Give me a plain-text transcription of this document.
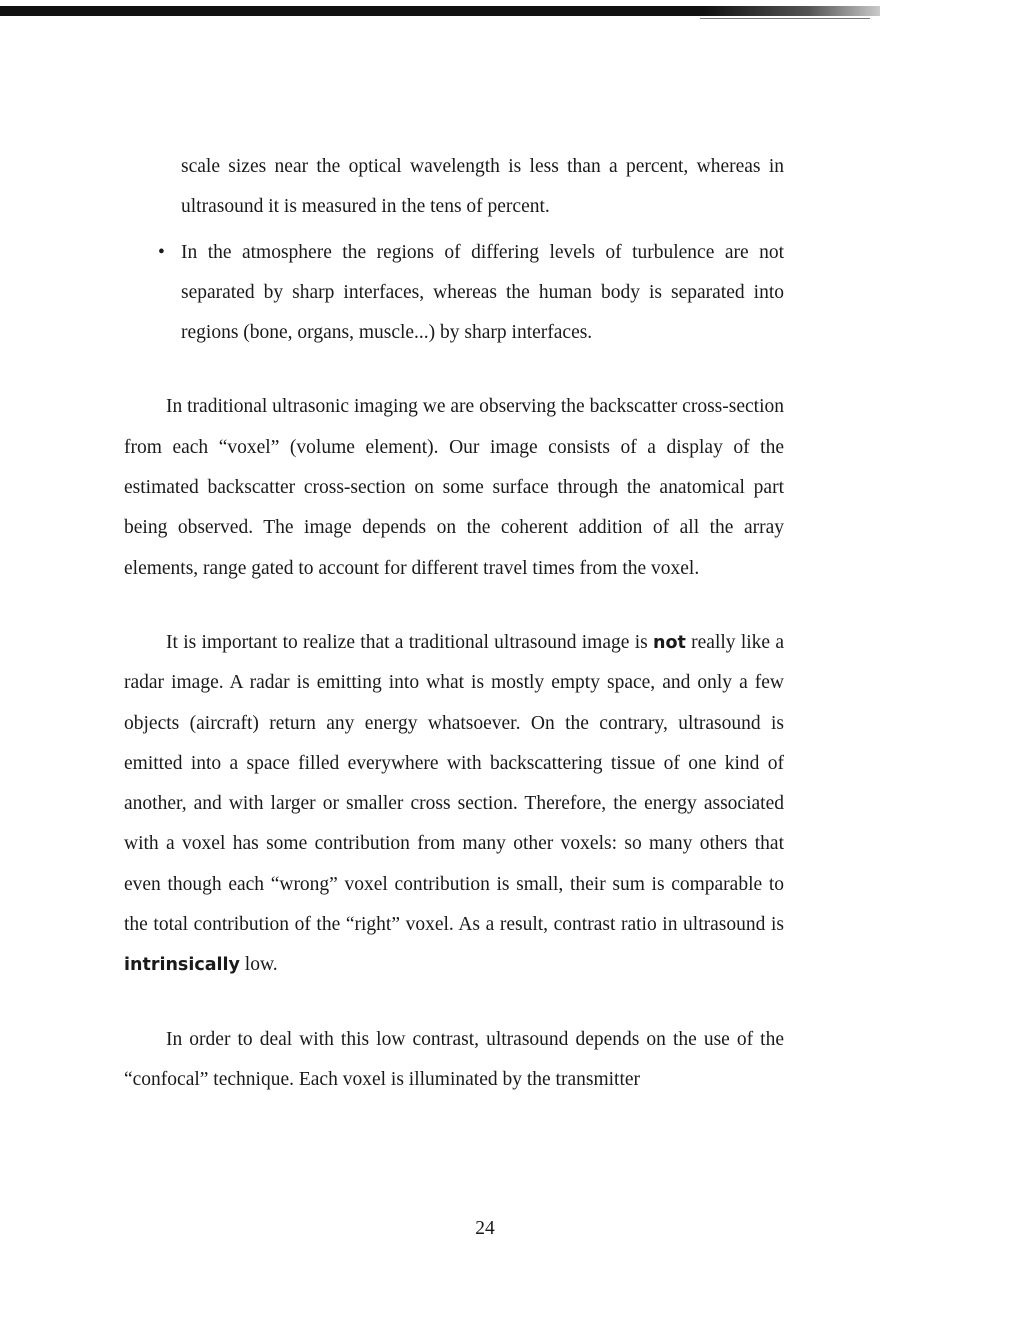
scale sizes near the optical wavelength is less than a percent, whereas in ultrasound it is measured in the tens of percent.

• In the atmosphere the regions of differing levels of turbulence are not separated by sharp interfaces, whereas the human body is separated into regions (bone, organs, muscle...) by sharp interfaces.

In traditional ultrasonic imaging we are observing the backscatter cross-section from each “voxel” (volume element). Our image consists of a display of the estimated backscatter cross-section on some surface through the anatomical part being observed. The image depends on the coherent addition of all the array elements, range gated to account for different travel times from the voxel.

It is important to realize that a traditional ultrasound image is not really like a radar image. A radar is emitting into what is mostly empty space, and only a few objects (aircraft) return any energy whatsoever. On the contrary, ultrasound is emitted into a space filled everywhere with backscattering tissue of one kind of another, and with larger or smaller cross section. Therefore, the energy associated with a voxel has some contribution from many other voxels: so many others that even though each “wrong” voxel contribution is small, their sum is comparable to the total contribution of the “right” voxel. As a result, contrast ratio in ultrasound is intrinsically low.

In order to deal with this low contrast, ultrasound depends on the use of the “confocal” technique. Each voxel is illuminated by the transmitter

24
